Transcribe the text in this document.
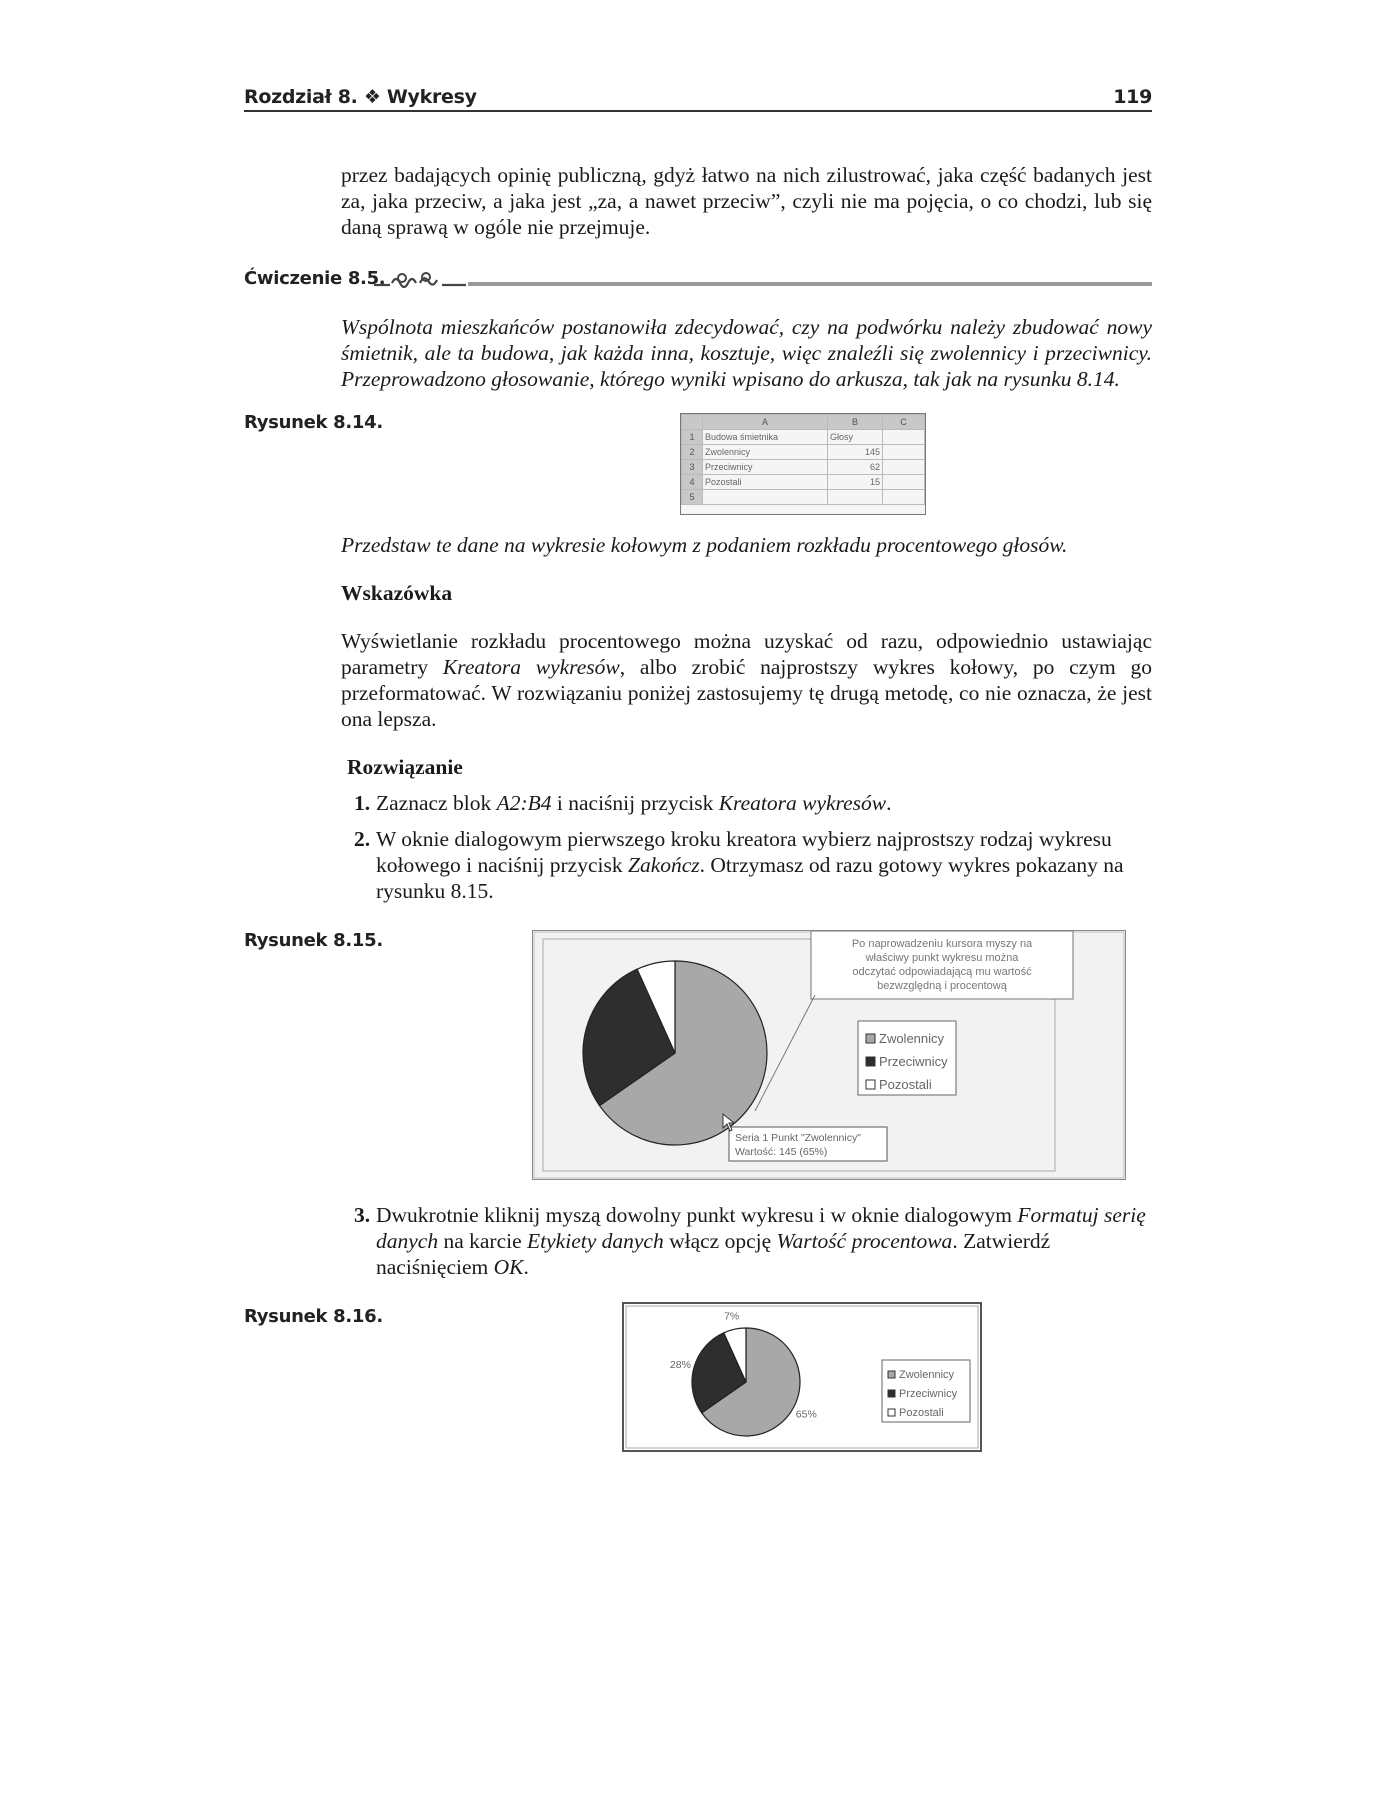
Rozdział 8. ❖ Wykresy	119
przez badających opinię publiczną, gdyż łatwo na nich zilustrować, jaka część badanych jest za, jaka przeciw, a jaka jest „za, a nawet przeciw”, czyli nie ma pojęcia, o co chodzi, lub się daną sprawą w ogóle nie przejmuje.
Ćwiczenie 8.5.
Wspólnota mieszkańców postanowiła zdecydować, czy na podwórku należy zbudować nowy śmietnik, ale ta budowa, jak każda inna, kosztuje, więc znaleźli się zwolennicy i przeciwnicy. Przeprowadzono głosowanie, którego wyniki wpisano do arkusza, tak jak na rysunku 8.14.
Rysunek 8.14.
		A	B	C
1	Budowa śmietnika	Głosy	
2	Zwolennicy	145	
3	Przeciwnicy	62	
4	Pozostali	15	
5			
Przedstaw te dane na wykresie kołowym z podaniem rozkładu procentowego głosów.
Wskazówka
Wyświetlanie rozkładu procentowego można uzyskać od razu, odpowiednio ustawiając parametry Kreatora wykresów, albo zrobić najprostszy wykres kołowy, po czym go przeformatować. W rozwiązaniu poniżej zastosujemy tę drugą metodę, co nie oznacza, że jest ona lepsza.
Rozwiązanie
1. Zaznacz blok A2:B4 i naciśnij przycisk Kreatora wykresów.
2. W oknie dialogowym pierwszego kroku kreatora wybierz najprostszy rodzaj wykresu kołowego i naciśnij przycisk Zakończ. Otrzymasz od razu gotowy wykres pokazany na rysunku 8.15.
Rysunek 8.15.	Po naprowadzeniu kursora myszy na
właściwy punkt wykresu można
odczytać odpowiadającą mu wartość
bezwzględną i procentową
Zwolennicy
Przeciwnicy
Pozostali
Seria 1 Punkt "Zwolennicy"
Wartość: 145 (65%)
3. Dwukrotnie kliknij myszą dowolny punkt wykresu i w oknie dialogowym Formatuj serię danych na karcie Etykiety danych włącz opcję Wartość procentowa. Zatwierdź naciśnięciem OK.
Rysunek 8.16.
65%
28%
7%
Zwolennicy
Przeciwnicy
Pozostali
